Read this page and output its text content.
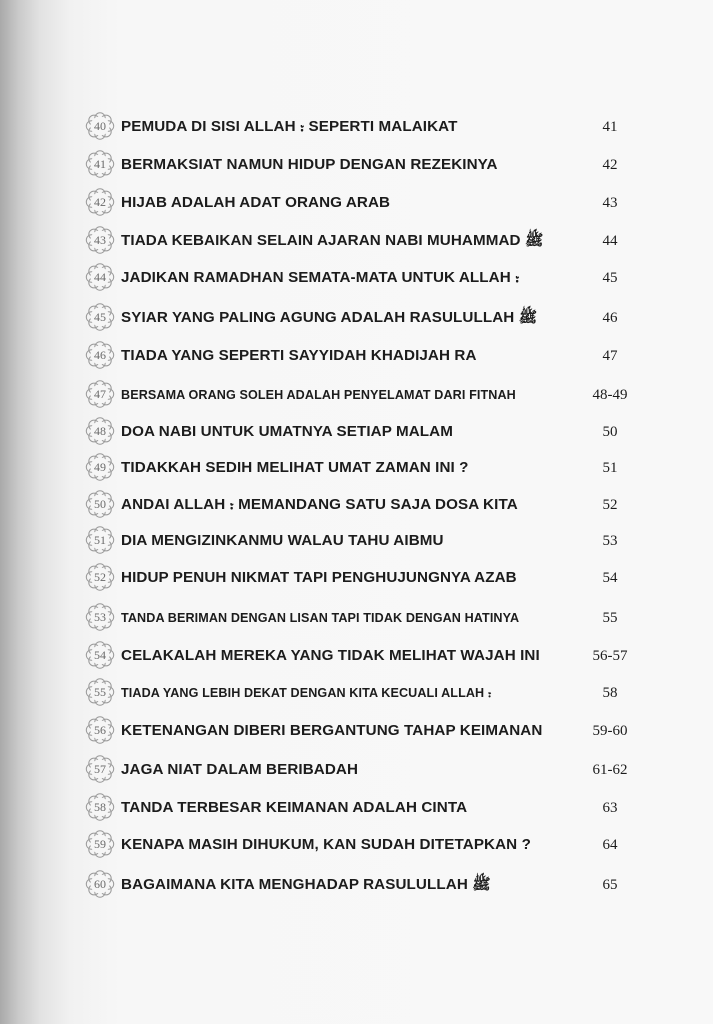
40 PEMUDA DI SISI ALLAH ⹎ SEPERTI MALAIKAT	41
41 BERMAKSIAT NAMUN HIDUP DENGAN REZEKINYA	42
42 HIJAB ADALAH ADAT ORANG ARAB	43
43 TIADA KEBAIKAN SELAIN AJARAN NABI MUHAMMAD ﷺ	44
44 JADIKAN RAMADHAN SEMATA-MATA UNTUK ALLAH ⹎	45
45 SYIAR YANG PALING AGUNG ADALAH RASULULLAH ﷺ	46
46 TIADA YANG SEPERTI SAYYIDAH KHADIJAH RA	47
47	BERSAMA ORANG SOLEH ADALAH PENYELAMAT DARI FITNAH	48-49
48 DOA NABI UNTUK UMATNYA SETIAP MALAM	50
49 TIDAKKAH SEDIH MELIHAT UMAT ZAMAN INI ?	51
50 ANDAI ALLAH ⹎ MEMANDANG SATU SAJA DOSA KITA	52
51 DIA MENGIZINKANMU WALAU TAHU AIBMU	53
52 HIDUP PENUH NIKMAT TAPI PENGHUJUNGNYA AZAB	54
53	TANDA BERIMAN DENGAN LISAN TAPI TIDAK DENGAN HATINYA	55
54 CELAKALAH MEREKA YANG TIDAK MELIHAT WAJAH INI	56-57
55	TIADA YANG LEBIH DEKAT DENGAN KITA KECUALI ALLAH ⹎	58
56 KETENANGAN DIBERI BERGANTUNG TAHAP KEIMANAN	59-60
57 JAGA NIAT DALAM BERIBADAH	61-62
58 TANDA TERBESAR KEIMANAN ADALAH CINTA	63
59 KENAPA MASIH DIHUKUM, KAN SUDAH DITETAPKAN ?	64
60 BAGAIMANA KITA MENGHADAP RASULULLAH ﷺ	65
